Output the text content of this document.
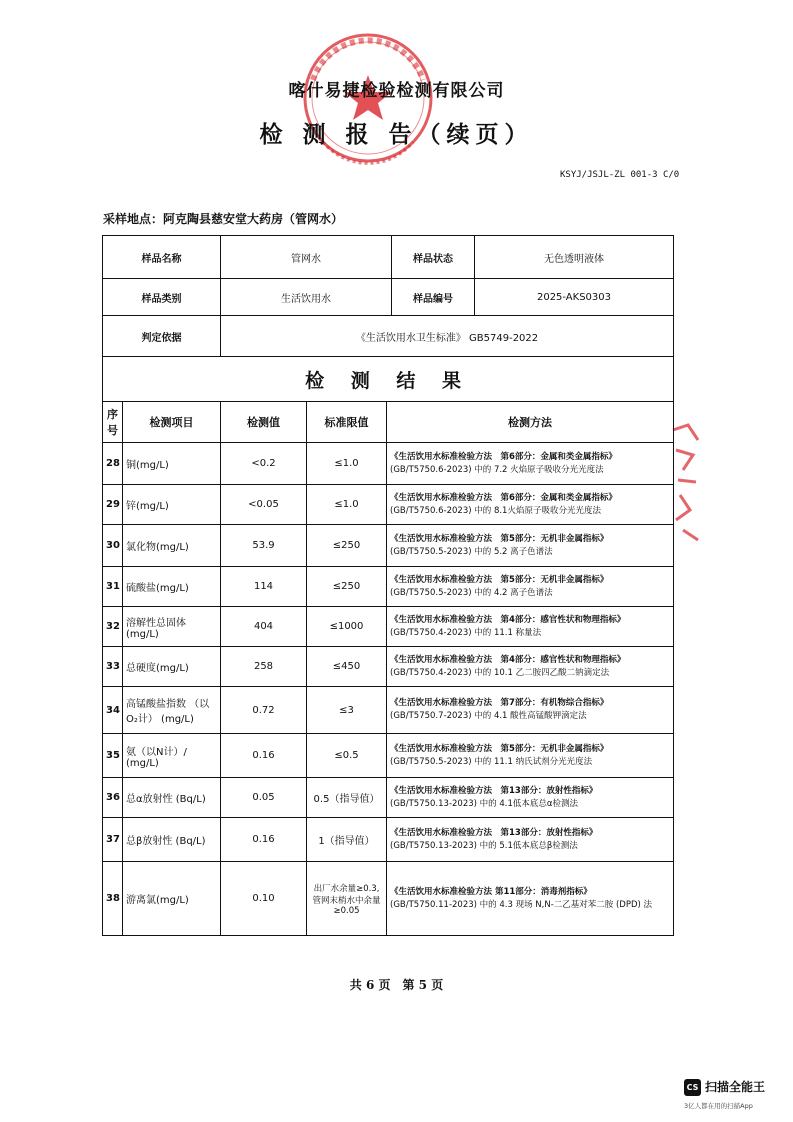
喀什易捷检验检测有限公司
检 测 报 告（续页）
KSYJ/JSJL-ZL 001-3 C/0
采样地点：阿克陶县慈安堂大药房（管网水）
样品名称	管网水	样品状态	无色透明液体
样品类别	生活饮用水	样品编号	2025-AKS0303
判定依据	《生活饮用水卫生标准》 GB5749-2022		
检 测 结 果				
序号	检测项目	检测值	标准限值	检测方法
28	铜(mg/L)	<0.2	≤1.0	《生活饮用水标准检验方法　第6部分：金属和类金属指标》
(GB/T5750.6-2023) 中的 7.2 火焰原子吸收分光光度法

29	锌(mg/L)	<0.05	≤1.0	《生活饮用水标准检验方法　第6部分：金属和类金属指标》
(GB/T5750.6-2023) 中的 8.1火焰原子吸收分光光度法

30	氯化物(mg/L)	53.9	≤250	《生活饮用水标准检验方法　第5部分：无机非金属指标》
(GB/T5750.5-2023) 中的 5.2 离子色谱法

31	硫酸盐(mg/L)	114	≤250	《生活饮用水标准检验方法　第5部分：无机非金属指标》
(GB/T5750.5-2023) 中的 4.2 离子色谱法

32	溶解性总固体 (mg/L)	404	≤1000	《生活饮用水标准检验方法　第4部分：感官性状和物理指标》
(GB/T5750.4-2023) 中的 11.1 称量法

33	总硬度(mg/L)	258	≤450	《生活饮用水标准检验方法　第4部分：感官性状和物理指标》
(GB/T5750.4-2023) 中的 10.1 乙二胺四乙酸二钠滴定法

34	高锰酸盐指数 （以O₂计） (mg/L)	0.72	≤3	《生活饮用水标准检验方法　第7部分：有机物综合指标》
(GB/T5750.7-2023) 中的 4.1 酸性高锰酸钾滴定法

35	氨（以N计）/ (mg/L)	0.16	≤0.5	《生活饮用水标准检验方法　第5部分：无机非金属指标》
(GB/T5750.5-2023) 中的 11.1 纳氏试剂分光光度法

36	总α放射性 (Bq/L)	0.05	0.5（指导值）	《生活饮用水标准检验方法　第13部分：放射性指标》
(GB/T5750.13-2023) 中的 4.1低本底总α检测法

37	总β放射性 (Bq/L)	0.16	1（指导值）	《生活饮用水标准检验方法　第13部分：放射性指标》
(GB/T5750.13-2023) 中的 5.1低本底总β检测法

38	游离氯(mg/L)	0.10	出厂水余量≥0.3, 管网末梢水中余量 ≥0.05	《生活饮用水标准检验方法 第11部分：消毒剂指标》
(GB/T5750.11-2023) 中的 4.3 现场 N,N-二乙基对苯二胺 (DPD) 法
共 6 页　第 5 页
CS 扫描全能王
3亿人都在用的扫描App
